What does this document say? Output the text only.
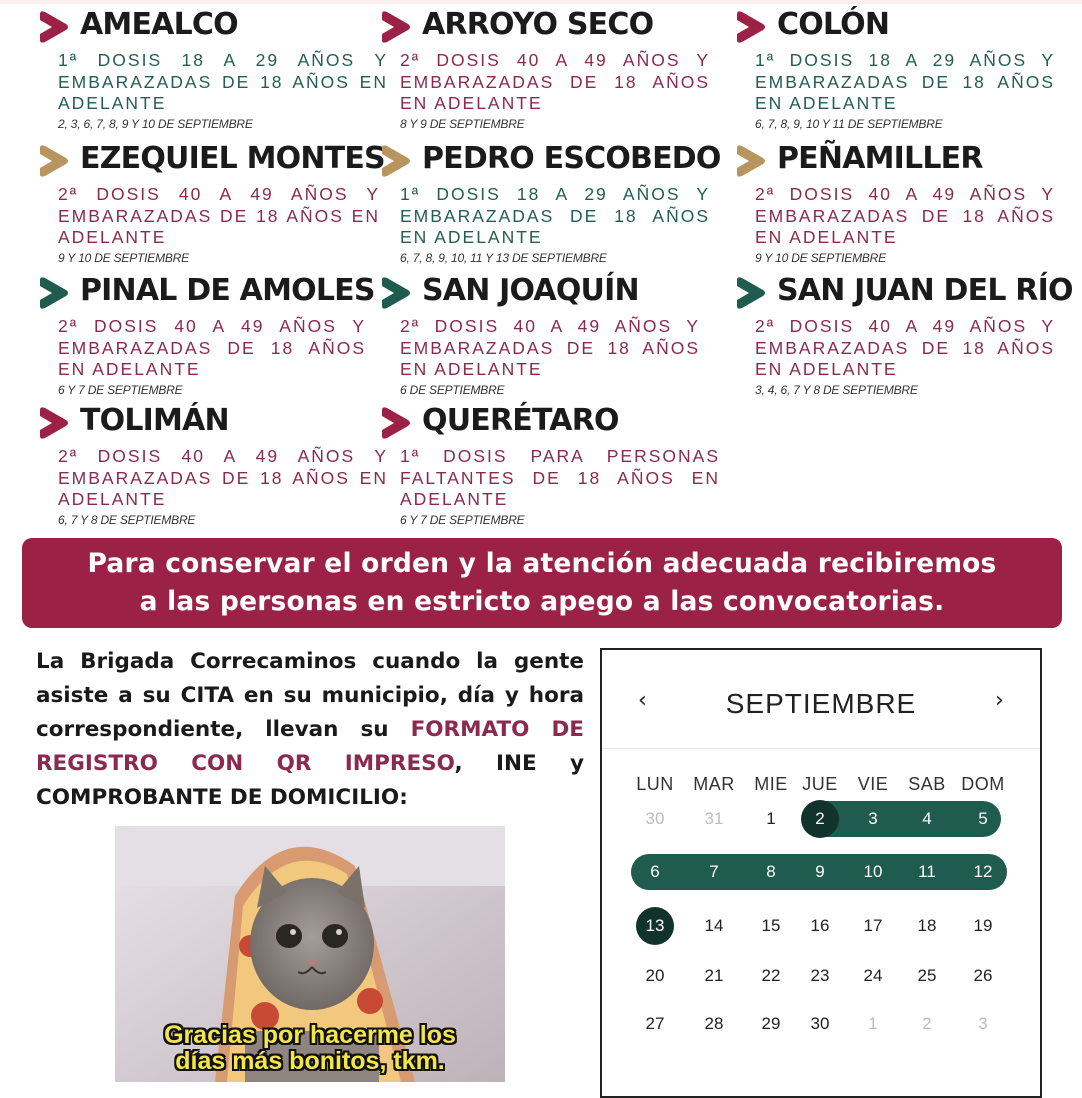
AMEALCO
1ª DOSIS 18 A 29 AÑOS Y EMBARAZADAS DE 18 AÑOS EN ADELANTE
2, 3, 6, 7, 8, 9 Y 10 DE SEPTIEMBRE
ARROYO SECO
2ª DOSIS 40 A 49 AÑOS Y EMBARAZADAS DE 18 AÑOS EN ADELANTE
8 Y 9 DE SEPTIEMBRE
COLÓN
1ª DOSIS 18 A 29 AÑOS Y EMBARAZADAS DE 18 AÑOS EN ADELANTE
6, 7, 8, 9, 10 Y 11 DE SEPTIEMBRE
EZEQUIEL MONTES
2ª DOSIS 40 A 49 AÑOS Y EMBARAZADAS DE 18 AÑOS EN ADELANTE
9 Y 10 DE SEPTIEMBRE
PEDRO ESCOBEDO
1ª DOSIS 18 A 29 AÑOS Y EMBARAZADAS DE 18 AÑOS EN ADELANTE
6, 7, 8, 9, 10, 11 Y 13 DE SEPTIEMBRE
PEÑAMILLER
2ª DOSIS 40 A 49 AÑOS Y EMBARAZADAS DE 18 AÑOS EN ADELANTE
9 Y 10 DE SEPTIEMBRE
PINAL DE AMOLES
2ª DOSIS 40 A 49 AÑOS Y EMBARAZADAS DE 18 AÑOS EN ADELANTE
6 Y 7 DE SEPTIEMBRE
SAN JOAQUÍN
2ª DOSIS 40 A 49 AÑOS Y EMBARAZADAS DE 18 AÑOS EN ADELANTE
6 DE SEPTIEMBRE
SAN JUAN DEL RÍO
2ª DOSIS 40 A 49 AÑOS Y EMBARAZADAS DE 18 AÑOS EN ADELANTE
3, 4, 6, 7 Y 8 DE SEPTIEMBRE
TOLIMÁN
2ª DOSIS 40 A 49 AÑOS Y EMBARAZADAS DE 18 AÑOS EN ADELANTE
6, 7 Y 8 DE SEPTIEMBRE
QUERÉTARO
1ª DOSIS PARA PERSONAS FALTANTES DE 18 AÑOS EN ADELANTE
6 Y 7 DE SEPTIEMBRE
Para conservar el orden y la atención adecuada recibiremos
a las personas en estricto apego a las convocatorias.
La Brigada Correcaminos cuando la gente asiste a su CITA en su municipio, día y hora correspondiente, llevan su FORMATO DE REGISTRO CON QR IMPRESO, INE y COMPROBANTE DE DOMICILIO:
Gracias por hacerme los
días más bonitos, tkm.
‹	SEPTIEMBRE	›
LUN MAR MIE JUE VIE SAB DOM
30	31	1	2	3	4	5
6	7	8	9	10	11	12
13	14	15	16	17	18	19
20	21	22	23	24	25	26
27	28	29	30	1	2	3
